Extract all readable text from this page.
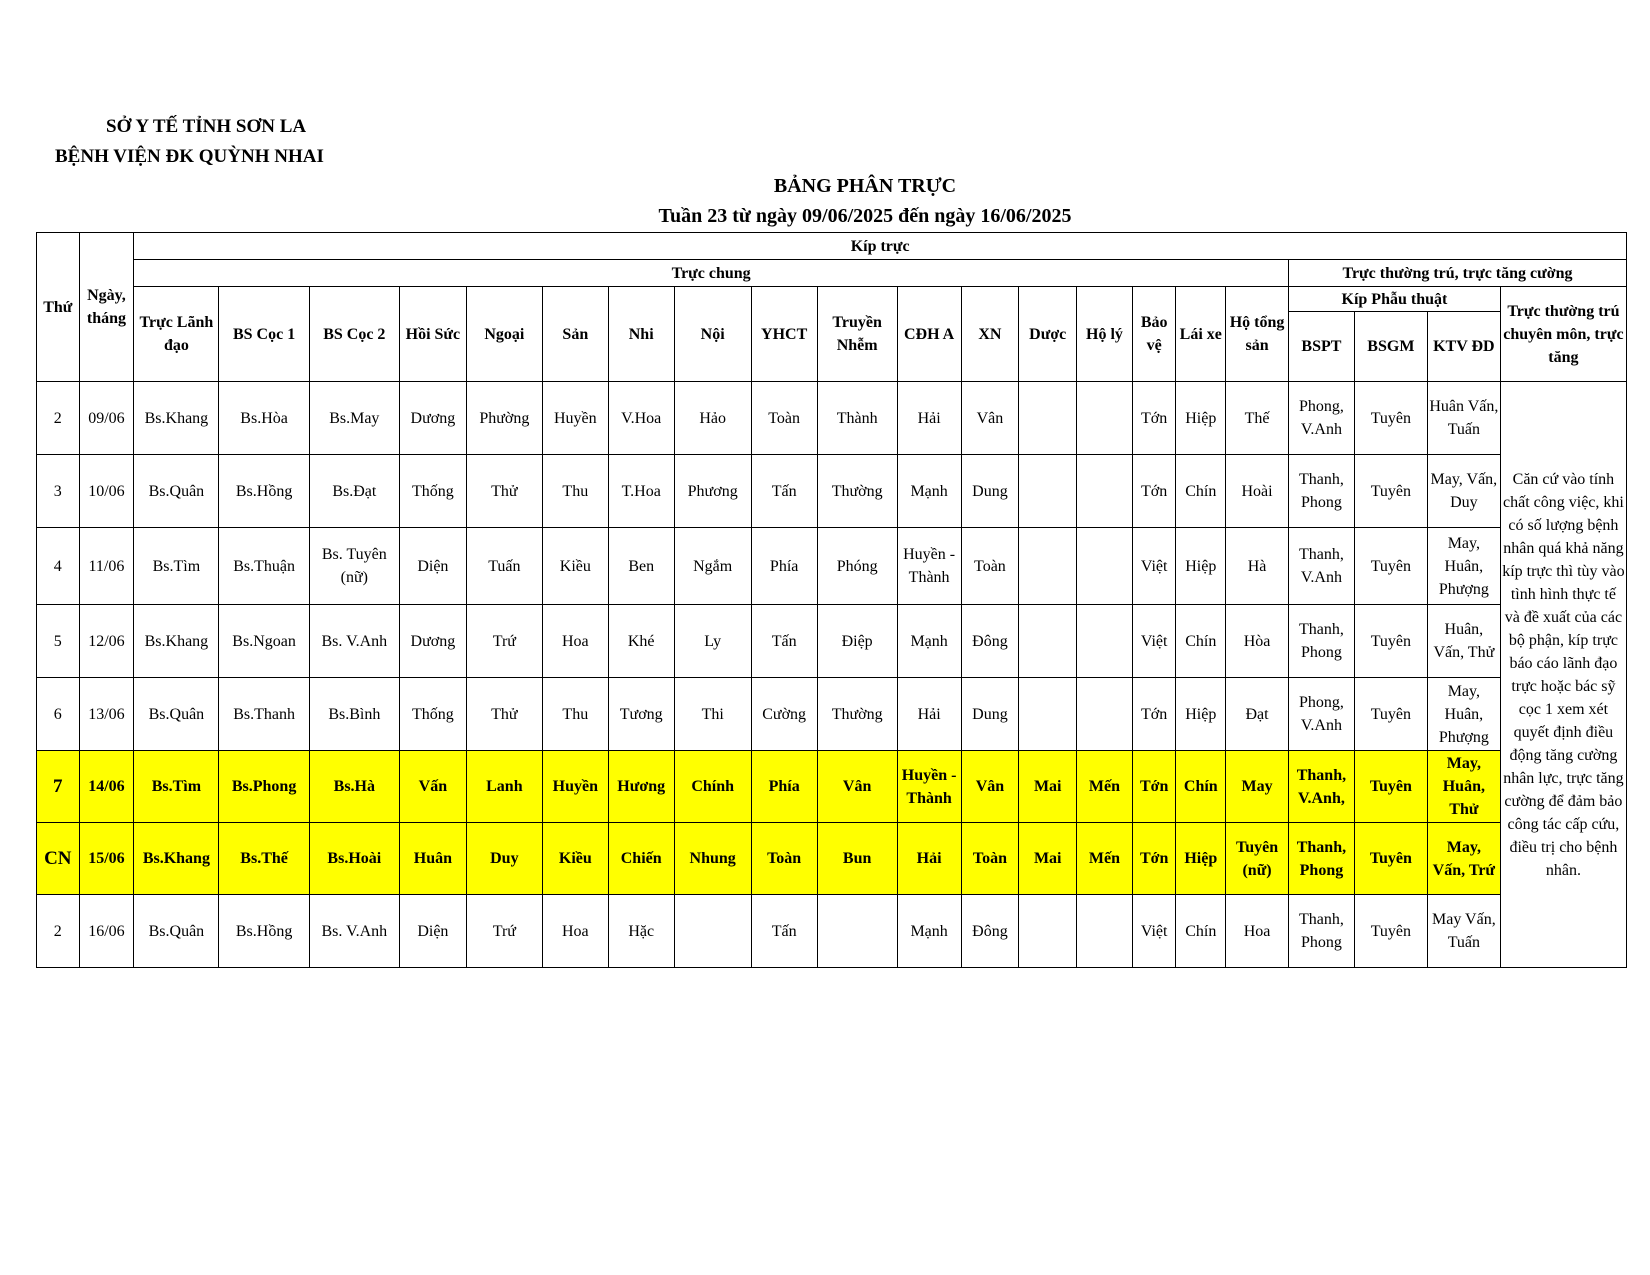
SỞ Y TẾ TỈNH SƠN LA
BỆNH VIỆN ĐK QUỲNH NHAI
BẢNG PHÂN TRỰC
Tuần 23 từ ngày 09/06/2025 đến ngày 16/06/2025
Thứ	Ngày, tháng	Kíp trực																				
		Trực chung																	Trực thường trú, trực tăng cường			
		Trực Lãnh đạo	BS Cọc 1	BS Cọc 2	Hồi Sức	Ngoại	Sản	Nhi	Nội	YHCT	Truyền Nhễm	CĐH A	XN	Dược	Hộ lý	Bảo vệ	Lái xe	Hộ tổng sản	Kíp Phẫu thuật			Trực thường trú chuyên môn, trực tăng
																			BSPT	BSGM	KTV ĐD	
2	09/06	Bs.Khang	Bs.Hòa	Bs.May	Dương	Phường	Huyền	V.Hoa	Hảo	Toàn	Thành	Hải	Vân			Tớn	Hiệp	Thế	Phong, V.Anh	Tuyên	Huân Vấn, Tuấn	Căn cứ vào tính chất công việc, khi có số lượng bệnh nhân quá khả năng kíp trực thì tùy vào tình hình thực tế và đề xuất của các bộ phận, kíp trực báo cáo lãnh đạo trực hoặc bác sỹ cọc 1 xem xét quyết định điều động tăng cường nhân lực, trực tăng cường để đảm bảo công tác cấp cứu, điều trị cho bệnh nhân.
3	10/06	Bs.Quân	Bs.Hồng	Bs.Đạt	Thống	Thử	Thu	T.Hoa	Phương	Tấn	Thường	Mạnh	Dung			Tớn	Chín	Hoài	Thanh, Phong	Tuyên	May, Vấn, Duy	
4	11/06	Bs.Tìm	Bs.Thuận	Bs. Tuyên (nữ)	Diện	Tuấn	Kiều	Ben	Ngắm	Phía	Phóng	Huyền - Thành	Toàn			Việt	Hiệp	Hà	Thanh, V.Anh	Tuyên	May, Huân, Phượng	
5	12/06	Bs.Khang	Bs.Ngoan	Bs. V.Anh	Dương	Trứ	Hoa	Khé	Ly	Tấn	Điệp	Mạnh	Đông			Việt	Chín	Hòa	Thanh, Phong	Tuyên	Huân, Vấn, Thử	
6	13/06	Bs.Quân	Bs.Thanh	Bs.Bình	Thống	Thử	Thu	Tương	Thi	Cường	Thường	Hải	Dung			Tớn	Hiệp	Đạt	Phong, V.Anh	Tuyên	May, Huân, Phượng	
7	14/06	Bs.Tìm	Bs.Phong	Bs.Hà	Vấn	Lanh	Huyền	Hương	Chính	Phía	Vân	Huyền - Thành	Vân	Mai	Mến	Tớn	Chín	May	Thanh, V.Anh,	Tuyên	May, Huân, Thử	
CN	15/06	Bs.Khang	Bs.Thế	Bs.Hoài	Huân	Duy	Kiều	Chiến	Nhung	Toàn	Bun	Hải	Toàn	Mai	Mến	Tớn	Hiệp	Tuyên (nữ)	Thanh, Phong	Tuyên	May, Vấn, Trứ	
2	16/06	Bs.Quân	Bs.Hồng	Bs. V.Anh	Diện	Trứ	Hoa	Hặc		Tấn		Mạnh	Đông			Việt	Chín	Hoa	Thanh, Phong	Tuyên	May Vấn, Tuấn	
